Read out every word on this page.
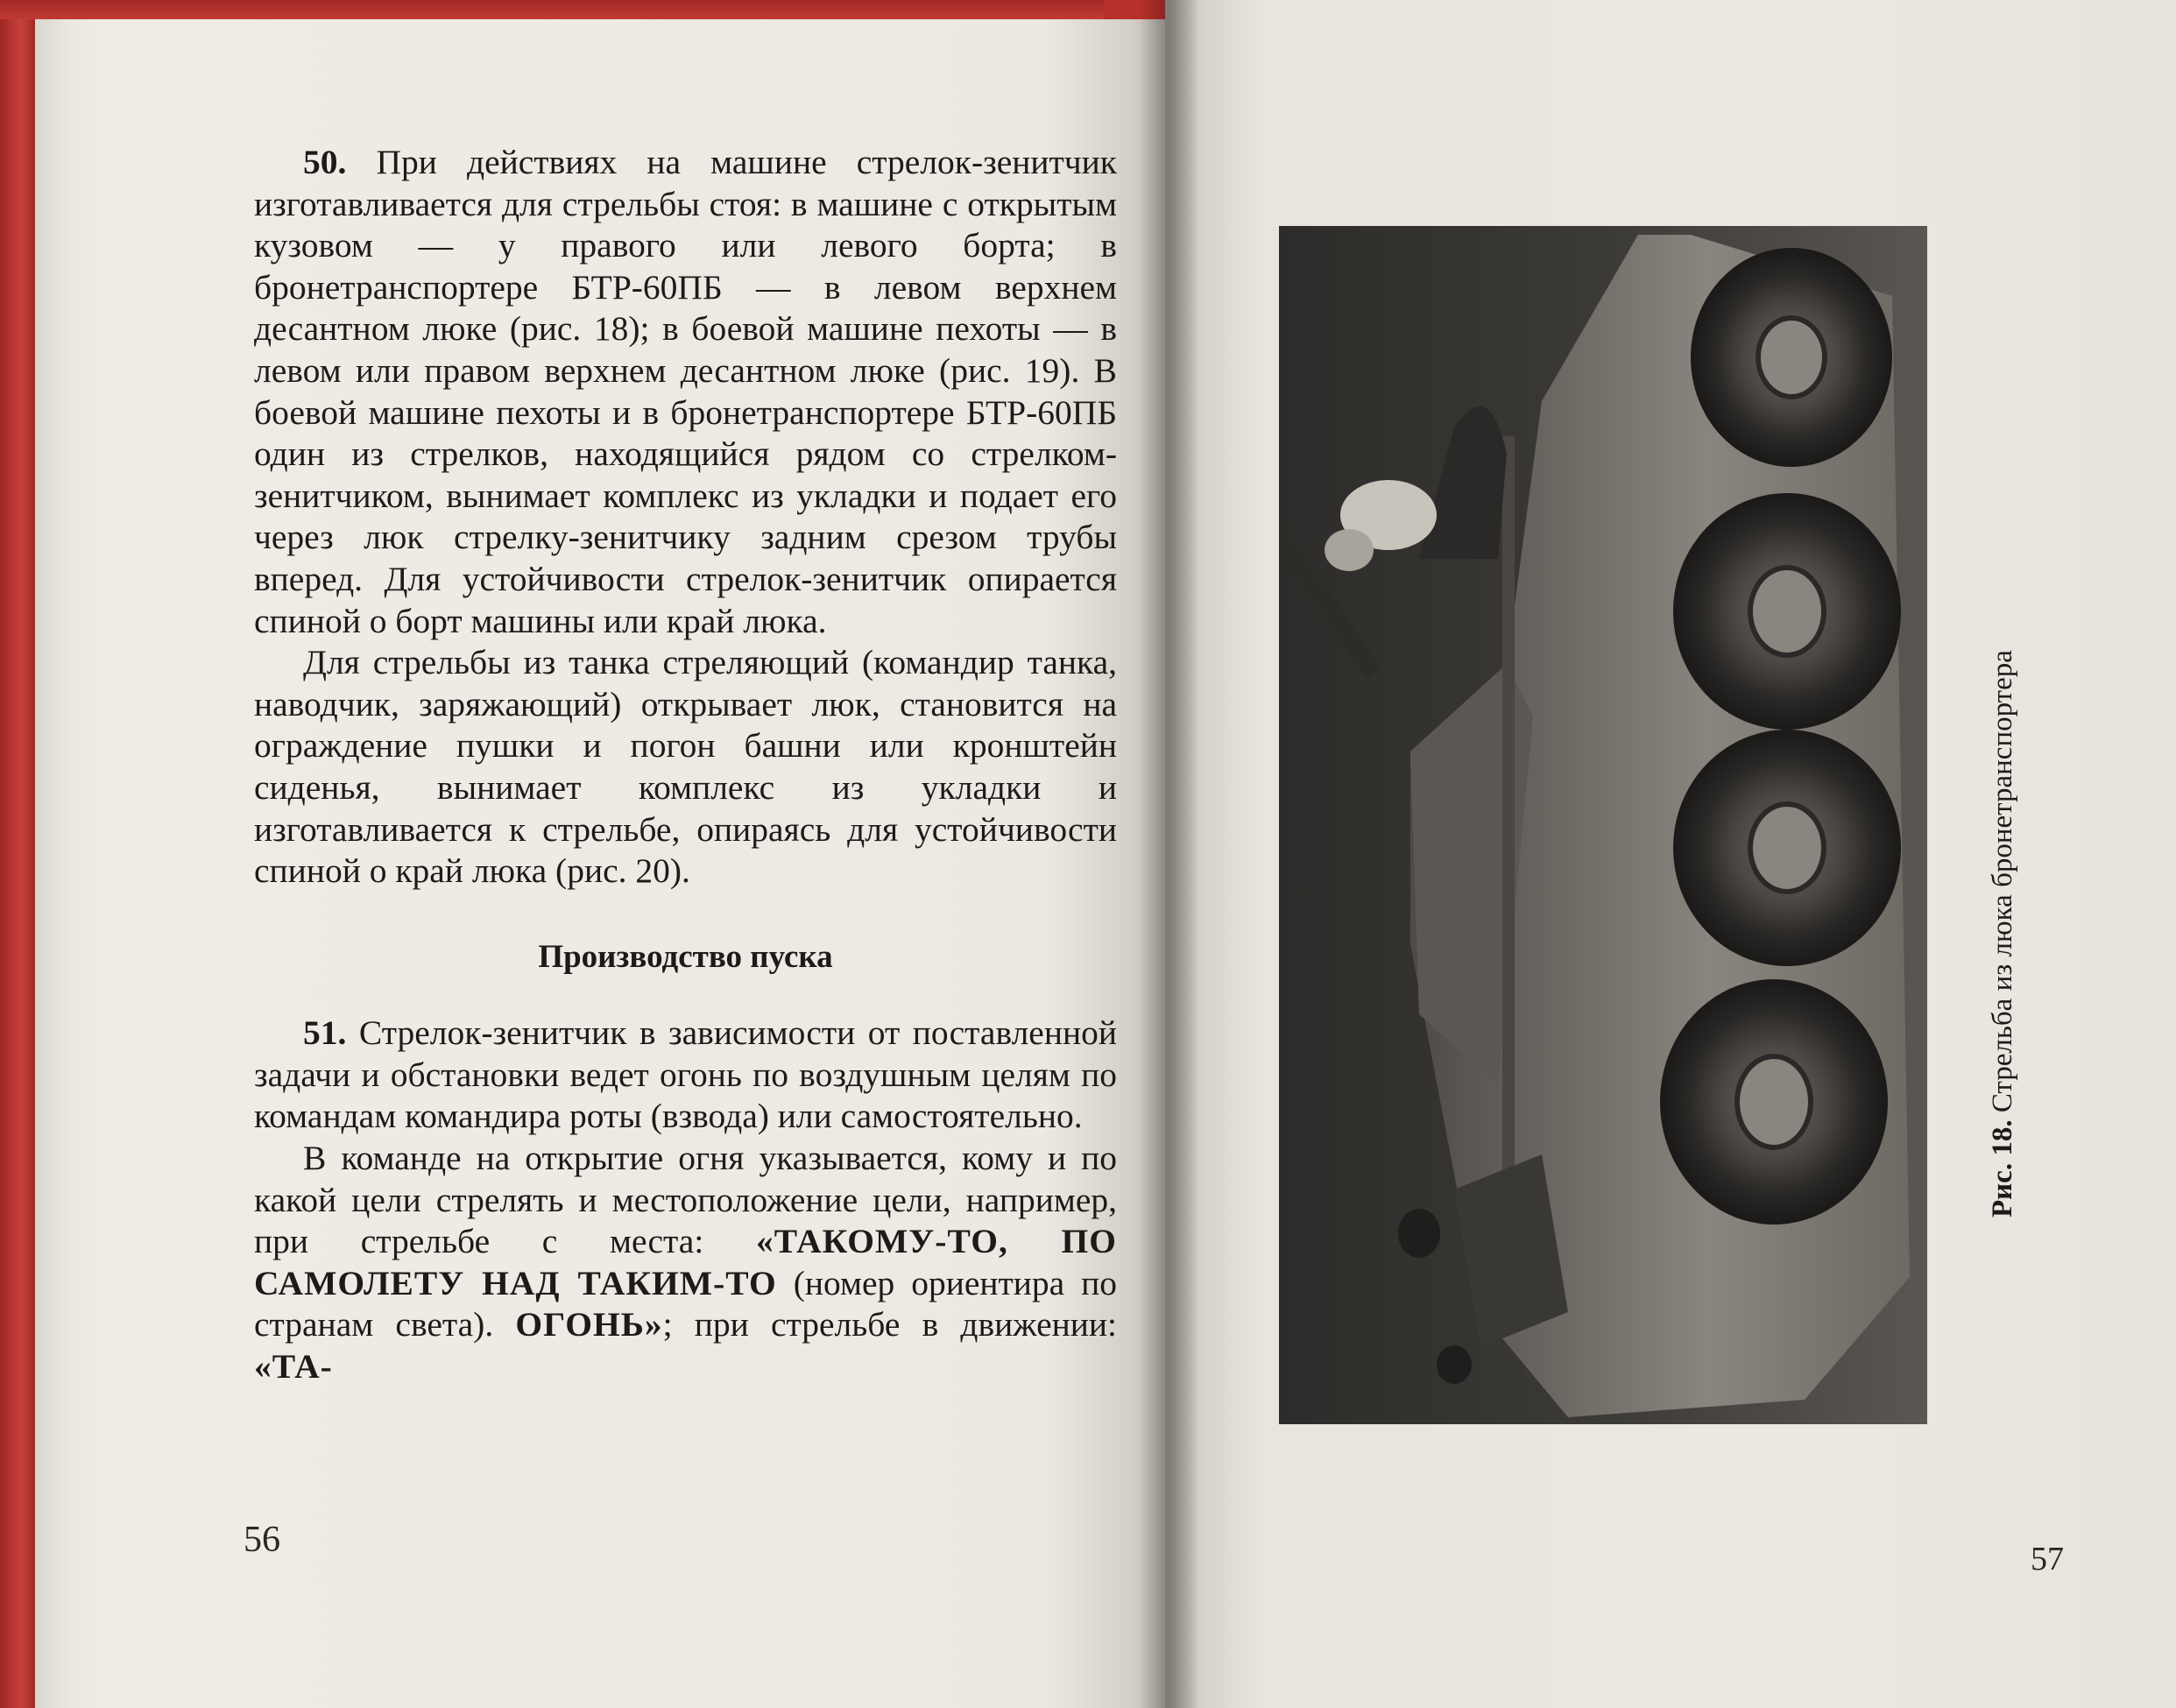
50. При действиях на машине стрелок-зенитчик изготавливается для стрельбы стоя: в машине с открытым кузовом — у правого или левого борта; в бронетранспортере БТР-60ПБ — в левом верхнем десантном люке (рис. 18); в боевой машине пехоты — в левом или правом верхнем десантном люке (рис. 19). В боевой машине пехоты и в бронетранспортере БТР-60ПБ один из стрелков, находящийся рядом со стрелком-зенитчиком, вынимает комплекс из укладки и подает его через люк стрелку-зенитчику задним срезом трубы вперед. Для устойчивости стрелок-зенитчик опирается спиной о борт машины или край люка.

Для стрельбы из танка стреляющий (командир танка, наводчик, заряжающий) открывает люк, становится на ограждение пушки и погон башни или кронштейн сиденья, вынимает комплекс из укладки и изготавливается к стрельбе, опираясь для устойчивости спиной о край люка (рис. 20).

Производство пуска

51. Стрелок-зенитчик в зависимости от поставленной задачи и обстановки ведет огонь по воздушным целям по командам командира роты (взвода) или самостоятельно.

В команде на открытие огня указывается, кому и по какой цели стрелять и местоположение цели, например, при стрельбе с места: «ТАКОМУ-ТО, ПО САМОЛЕТУ НАД ТАКИМ-ТО (номер ориентира по странам света). ОГОНЬ»; при стрельбе в движении: «ТА-

56
Рис. 18. Стрельба из люка бронетранспортера
57
